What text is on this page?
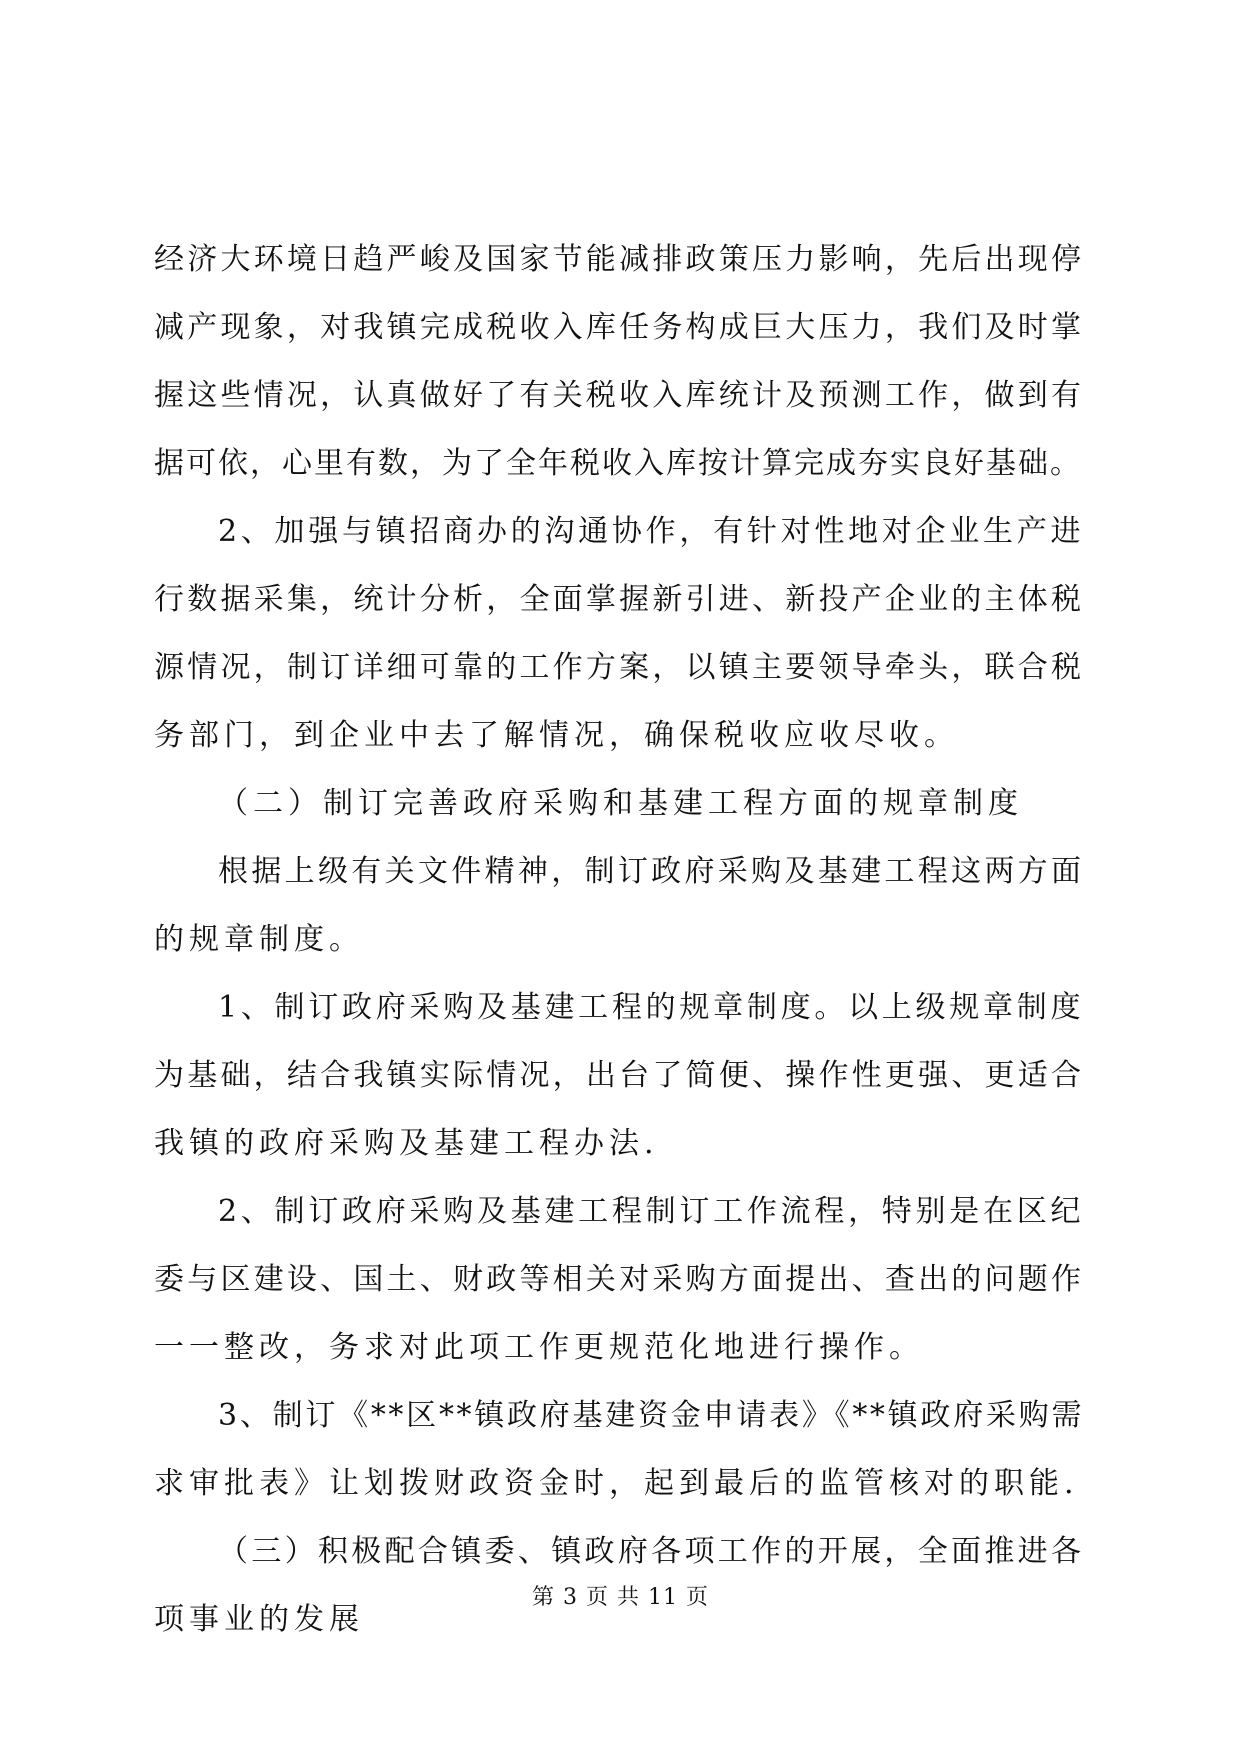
经济大环境日趋严峻及国家节能减排政策压力影响，先后出现停

减产现象，对我镇完成税收入库任务构成巨大压力，我们及时掌

握这些情况，认真做好了有关税收入库统计及预测工作，做到有

据可依，心里有数，为了全年税收入库按计算完成夯实良好基础。

2、加强与镇招商办的沟通协作，有针对性地对企业生产进

行数据采集，统计分析，全面掌握新引进、新投产企业的主体税

源情况，制订详细可靠的工作方案，以镇主要领导牵头，联合税

务部门，到企业中去了解情况，确保税收应收尽收。

（二）制订完善政府采购和基建工程方面的规章制度

根据上级有关文件精神，制订政府采购及基建工程这两方面

的规章制度。

1、制订政府采购及基建工程的规章制度。以上级规章制度

为基础，结合我镇实际情况，出台了简便、操作性更强、更适合

我镇的政府采购及基建工程办法.

2、制订政府采购及基建工程制订工作流程，特别是在区纪

委与区建设、国土、财政等相关对采购方面提出、查出的问题作

一一整改，务求对此项工作更规范化地进行操作。

3、制订《**区**镇政府基建资金申请表》《**镇政府采购需

求审批表》让划拨财政资金时，起到最后的监管核对的职能.

（三）积极配合镇委、镇政府各项工作的开展，全面推进各

项事业的发展

第 3 页 共 11 页
